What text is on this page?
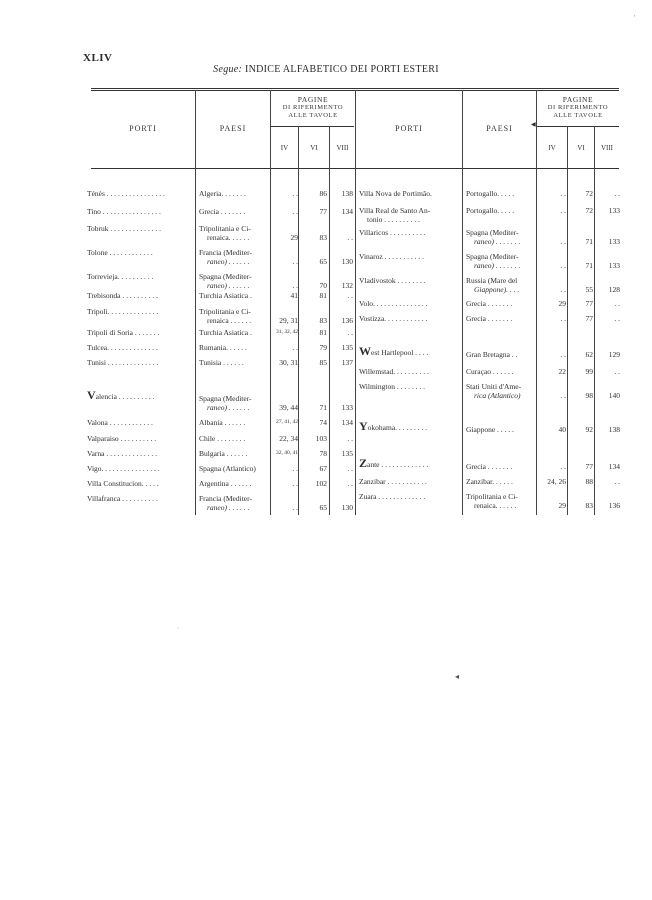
XLIV
Segue: INDICE ALFABETICO DEI PORTI ESTERI
PORTI	PAESI
PAGINE
DI RIFERIMENTO
ALLE TAVOLE
IV	VI	VIII
PORTI	PAESI
PAGINE
DI RIFERIMENTO
ALLE TAVOLE
◀
IV	VI	VIII
Ténès . . . . . . . . . . . . . . . .	Algeria. . . . . . .	. .	86	138
Tino . . . . . . . . . . . . . . . .	Grecia . . . . . . .	. .	77	134
Tobruk . . . . . . . . . . . . . .	Tripolitania e Ci-
renaica. . . . . .	29	83	. .
Tolone . . . . . . . . . . . .	Francia (Mediter-
raneo) . . . . . .	. .	65	130
Torrevieja. . . . . . . . . .	Spagna (Mediter-
raneo) . . . . . .	. .	70	132
Trebisonda . . . . . . . . . .	Turchia Asiatica .	41	81	. .
Tripoli. . . . . . . . . . . . . .	Tripolitania e Ci-
renaica . . . . . .	29, 31	83	136
Tripoli di Soria . . . . . . .	Turchia Asiatica .	31, 32, 42	81	. .
Tulcea. . . . . . . . . . . . . .	Rumania. . . . . .	. .	79	135
Tunisi . . . . . . . . . . . . . .	Tunisia . . . . . .	30, 31	85	137
Valencia . . . . . . . . . .	Spagna (Mediter-
raneo) . . . . . .	39, 44	71	133
Valona . . . . . . . . . . . .	Albania . . . . . .	27, 41, 42	74	134
Valparaiso . . . . . . . . . .	Chile . . . . . . . .	22, 34	103	. .
Varna . . . . . . . . . . . . . .	Bulgaria . . . . . .	32, 40, 41	78	135
Vigo. . . . . . . . . . . . . . . .	Spagna (Atlantico)	. .	67	. .
Villa Constitucion. . . . .	Argentina . . . . . .	. .	102	. .
Villafranca . . . . . . . . . .	Francia (Mediter-
raneo) . . . . . .	. .	65	130
Villa Nova de Portimão.	Portogallo. . . . .	. .	72	. .
Villa Real de Santo An-
tonio . . . . . . . . . .
Portogallo. . . . .	. .	72	133
Villaricos . . . . . . . . . .	Spagna (Mediter-
raneo) . . . . . . .	. .	71	133
Vinaroz . . . . . . . . . . .	Spagna (Mediter-
raneo) . . . . . . .	. .	71	133
Vladivostok . . . . . . . .	Russia (Mare del
Giappone). . . .	. .	55	128
Volo. . . . . . . . . . . . . . .	Grecia . . . . . . .	29	77	. .
Vostizza. . . . . . . . . . . .	Grecia . . . . . . .	. .	77	. .
West Hartlepool . . . .	Gran Bretagna . .	. .	62	129
Willemstad. . . . . . . . . .	Curaçao . . . . . .	22	99	. .
Wilmington . . . . . . . .	Stati Uniti d'Ame-
rica (Atlantico)	. .	98	140
Yokohama. . . . . . . . .	Giappone . . . . .	40	92	138
Zante . . . . . . . . . . . . .	Grecia . . . . . . .	. .	77	134
Zanzibar . . . . . . . . . . .	Zanzibar. . . . . .	24, 26	88	. .
Zuara . . . . . . . . . . . . .	Tripolitania e Ci-
renaica. . . . . .	29	83	136
ˈ
◂
ˈ
